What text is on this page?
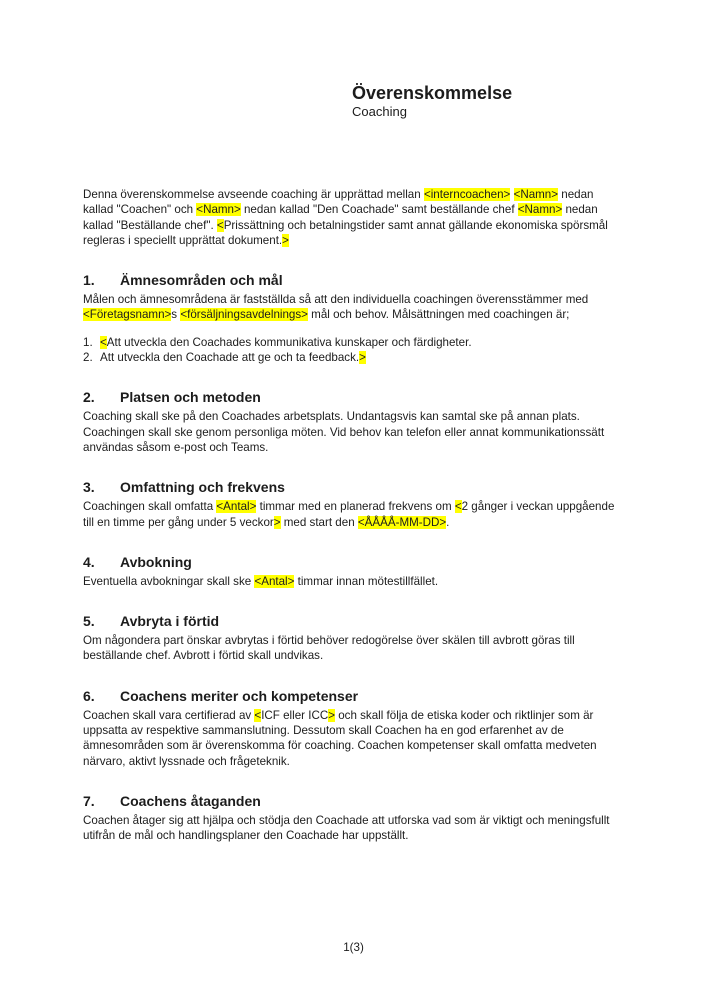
Överenskommelse
Coaching

Denna överenskommelse avseende coaching är upprättad mellan <interncoachen> <Namn> nedan kallad "Coachen" och <Namn> nedan kallad "Den Coachade" samt beställande chef <Namn> nedan kallad "Beställande chef". <Prissättning och betalningstider samt annat gällande ekonomiska spörsmål regleras i speciellt upprättat dokument.>

1. Ämnesområden och mål

Målen och ämnesområdena är fastställda så att den individuella coachingen överensstämmer med <Företagsnamn>s <försäljningsavdelnings> mål och behov. Målsättningen med coachingen är;

1. <Att utveckla den Coachades kommunikativa kunskaper och färdigheter.
2. Att utveckla den Coachade att ge och ta feedback.>
2. Platsen och metoden

Coaching skall ske på den Coachades arbetsplats. Undantagsvis kan samtal ske på annan plats. Coachingen skall ske genom personliga möten. Vid behov kan telefon eller annat kommunikationssätt användas såsom e-post och Teams.

3. Omfattning och frekvens

Coachingen skall omfatta <Antal> timmar med en planerad frekvens om <2 gånger i veckan uppgående till en timme per gång under 5 veckor> med start den <ÅÅÅÅ-MM-DD>.

4. Avbokning

Eventuella avbokningar skall ske <Antal> timmar innan mötestillfället.

5. Avbryta i förtid

Om någondera part önskar avbrytas i förtid behöver redogörelse över skälen till avbrott göras till beställande chef. Avbrott i förtid skall undvikas.

6. Coachens meriter och kompetenser

Coachen skall vara certifierad av <ICF eller ICC> och skall följa de etiska koder och riktlinjer som är uppsatta av respektive sammanslutning. Dessutom skall Coachen ha en god erfarenhet av de ämnesområden som är överenskomma för coaching. Coachen kompetenser skall omfatta medveten närvaro, aktivt lyssnade och frågeteknik.

7. Coachens åtaganden

Coachen åtager sig att hjälpa och stödja den Coachade att utforska vad som är viktigt och meningsfullt utifrån de mål och handlingsplaner den Coachade har uppställt.

1(3)
